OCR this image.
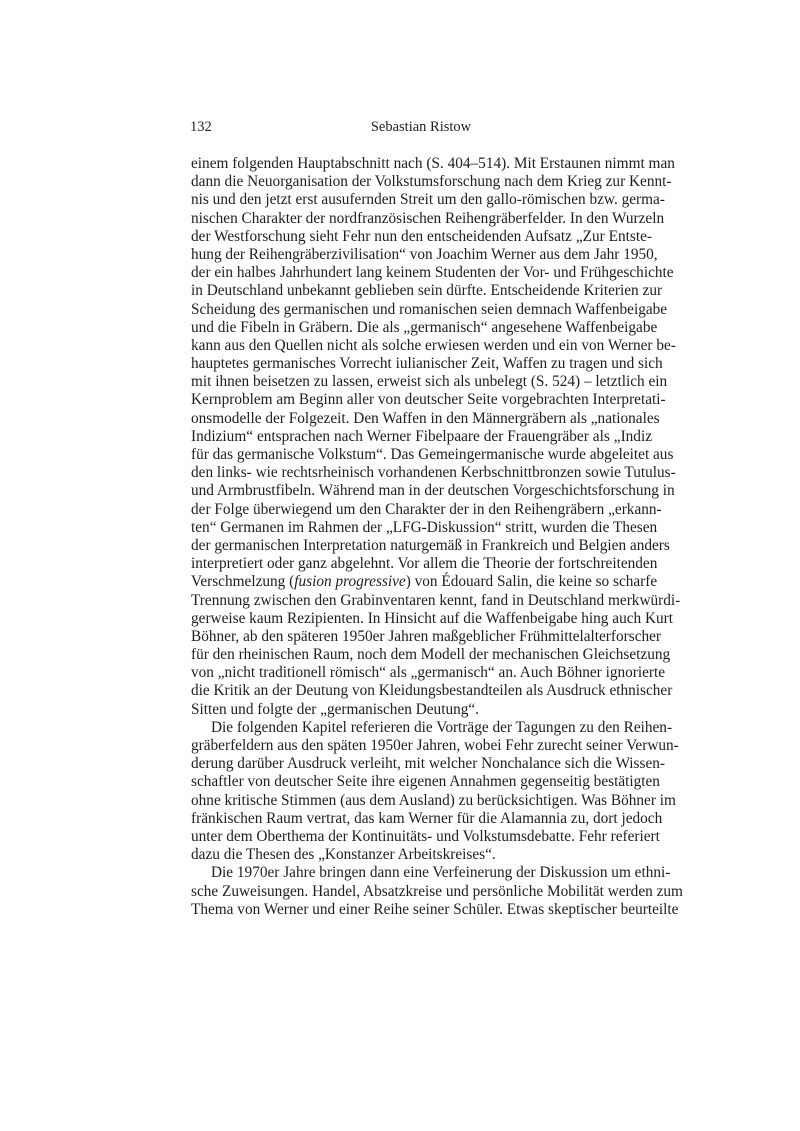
132	Sebastian Ristow
einem folgenden Hauptabschnitt nach (S. 404–514). Mit Erstaunen nimmt man
dann die Neuorganisation der Volkstumsforschung nach dem Krieg zur Kennt-
nis und den jetzt erst ausufernden Streit um den gallo-römischen bzw. germa-
nischen Charakter der nordfranzösischen Reihengräberfelder. In den Wurzeln
der Westforschung sieht Fehr nun den entscheidenden Aufsatz „Zur Entste-
hung der Reihengräberzivilisation“ von Joachim Werner aus dem Jahr 1950,
der ein halbes Jahrhundert lang keinem Studenten der Vor- und Frühgeschichte
in Deutschland unbekannt geblieben sein dürfte. Entscheidende Kriterien zur
Scheidung des germanischen und romanischen seien demnach Waffenbeigabe
und die Fibeln in Gräbern. Die als „germanisch“ angesehene Waffenbeigabe
kann aus den Quellen nicht als solche erwiesen werden und ein von Werner be-
hauptetes germanisches Vorrecht iulianischer Zeit, Waffen zu tragen und sich
mit ihnen beisetzen zu lassen, erweist sich als unbelegt (S. 524) – letztlich ein
Kernproblem am Beginn aller von deutscher Seite vorgebrachten Interpretati-
onsmodelle der Folgezeit. Den Waffen in den Männergräbern als „nationales
Indizium“ entsprachen nach Werner Fibelpaare der Frauengräber als „Indiz
für das germanische Volkstum“. Das Gemeingermanische wurde abgeleitet aus
den links- wie rechtsrheinisch vorhandenen Kerbschnittbronzen sowie Tutulus-
und Armbrustfibeln. Während man in der deutschen Vorgeschichtsforschung in
der Folge überwiegend um den Charakter der in den Reihengräbern „erkann-
ten“ Germanen im Rahmen der „LFG-Diskussion“ stritt, wurden die Thesen
der germanischen Interpretation naturgemäß in Frankreich und Belgien anders
interpretiert oder ganz abgelehnt. Vor allem die Theorie der fortschreitenden
Verschmelzung (fusion progressive) von Édouard Salin, die keine so scharfe
Trennung zwischen den Grabinventaren kennt, fand in Deutschland merkwürdi-
gerweise kaum Rezipienten. In Hinsicht auf die Waffenbeigabe hing auch Kurt
Böhner, ab den späteren 1950er Jahren maßgeblicher Frühmittelalterforscher
für den rheinischen Raum, noch dem Modell der mechanischen Gleichsetzung
von „nicht traditionell römisch“ als „germanisch“ an. Auch Böhner ignorierte
die Kritik an der Deutung von Kleidungsbestandteilen als Ausdruck ethnischer
Sitten und folgte der „germanischen Deutung“.
Die folgenden Kapitel referieren die Vorträge der Tagungen zu den Reihen-
gräberfeldern aus den späten 1950er Jahren, wobei Fehr zurecht seiner Verwun-
derung darüber Ausdruck verleiht, mit welcher Nonchalance sich die Wissen-
schaftler von deutscher Seite ihre eigenen Annahmen gegenseitig bestätigten
ohne kritische Stimmen (aus dem Ausland) zu berücksichtigen. Was Böhner im
fränkischen Raum vertrat, das kam Werner für die Alamannia zu, dort jedoch
unter dem Oberthema der Kontinuitäts- und Volkstumsdebatte. Fehr referiert
dazu die Thesen des „Konstanzer Arbeitskreises“.
Die 1970er Jahre bringen dann eine Verfeinerung der Diskussion um ethni-
sche Zuweisungen. Handel, Absatzkreise und persönliche Mobilität werden zum
Thema von Werner und einer Reihe seiner Schüler. Etwas skeptischer beurteilte
